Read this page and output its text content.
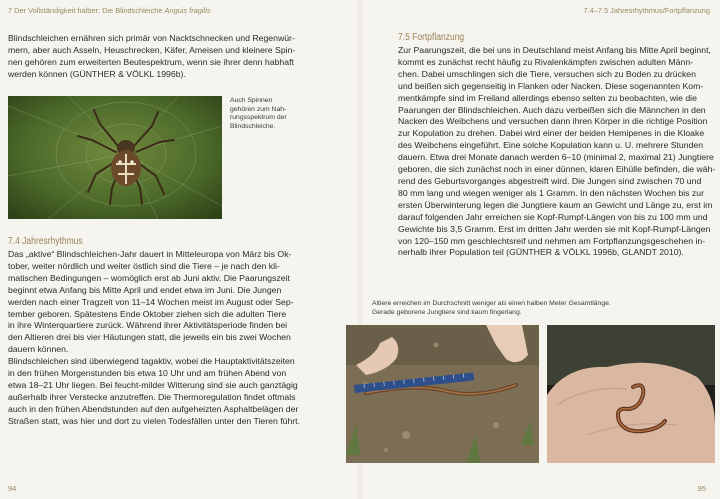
7 Der Vollständigkeit halber: Die Blindschleiche Anguis fragilis

Blindschleichen ernähren sich primär von Nacktschnecken und Regenwür-

mern, aber auch Asseln, Heuschrecken, Käfer, Ameisen und kleinere Spin-

nen gehören zum erweiterten Beutespektrum, wenn sie ihrer denn habhaft

werden können (GÜNTHER & VÖLKL 1996b).

Auch Spinnen
gehören zum Nah-
rungsspektrum der
Blindschleiche.
7.4 Jahresrhythmus

Das „aktive“ Blindschleichen-Jahr dauert in Mitteleuropa von März bis Ok-

tober, weiter nördlich und weiter östlich sind die Tiere – je nach den kli-

matischen Bedingungen – womöglich erst ab Juni aktiv. Die Paarungszeit

beginnt etwa Anfang bis Mitte April und endet etwa im Juni. Die Jungen

werden nach einer Tragzeit von 11–14 Wochen meist im August oder Sep-

tember geboren. Spätestens Ende Oktober ziehen sich die adulten Tiere

in ihre Winterquartiere zurück. Während ihrer Aktivitätsperiode finden bei

den Altieren drei bis vier Häutungen statt, die jeweils ein bis zwei Wochen

dauern können.

Blindschleichen sind überwiegend tagaktiv, wobei die Hauptaktivitätszeiten

in den frühen Morgenstunden bis etwa 10 Uhr und am frühen Abend von

etwa 18–21 Uhr liegen. Bei feucht-milder Witterung sind sie auch ganztägig

außerhalb ihrer Verstecke anzutreffen. Die Thermoregulation findet oftmals

auch in den frühen Abendstunden auf den aufgeheizten Asphaltbelägen der

Straßen statt, was hier und dort zu vielen Todesfällen unter den Tieren führt.

94
7.4–7.5 Jahresrhythmus/Fortpflanzung
7.5 Fortpflanzung

Zur Paarungszeit, die bei uns in Deutschland meist Anfang bis Mitte April beginnt,

kommt es zunächst recht häufig zu Rivalenkämpfen zwischen adulten Männ-

chen. Dabei umschlingen sich die Tiere, versuchen sich zu Boden zu drücken

und beißen sich gegenseitig in Flanken oder Nacken. Diese sogenannten Kom-

mentkämpfe sind im Freiland allerdings ebenso selten zu beobachten, wie die

Paarungen der Blindschleichen. Auch dazu verbeißen sich die Männchen in den

Nacken des Weibchens und versuchen dann ihren Körper in die richtige Position

zur Kopulation zu drehen. Dabei wird einer der beiden Hemipenes in die Kloake

des Weibchens eingeführt. Eine solche Kopulation kann u. U. mehrere Stunden

dauern. Etwa drei Monate danach werden 6–10 (minimal 2, maximal 21) Jungtiere

geboren, die sich zunächst noch in einer dünnen, klaren Eihülle befinden, die wäh-

rend des Geburtsvorganges abgestreift wird. Die Jungen sind zwischen 70 und

80 mm lang und wiegen weniger als 1 Gramm. In den nächsten Wochen bis zur

ersten Überwinterung legen die Jungtiere kaum an Gewicht und Länge zu, erst im

darauf folgenden Jahr erreichen sie Kopf-Rumpf-Längen von bis zu 100 mm und

Gewichte bis 3,5 Gramm. Erst im dritten Jahr werden sie mit Kopf-Rumpf-Längen

von 120–150 mm geschlechtsreif und nehmen am Fortpflanzungsgeschehen in-

nerhalb ihrer Population teil (GÜNTHER & VÖLKL 1996b, GLANDT 2010).

Altiere erreichen im Durchschnitt weniger als einen halben Meter Gesamtlänge.
Gerade geborene Jungtiere sind kaum fingerlang.
95
